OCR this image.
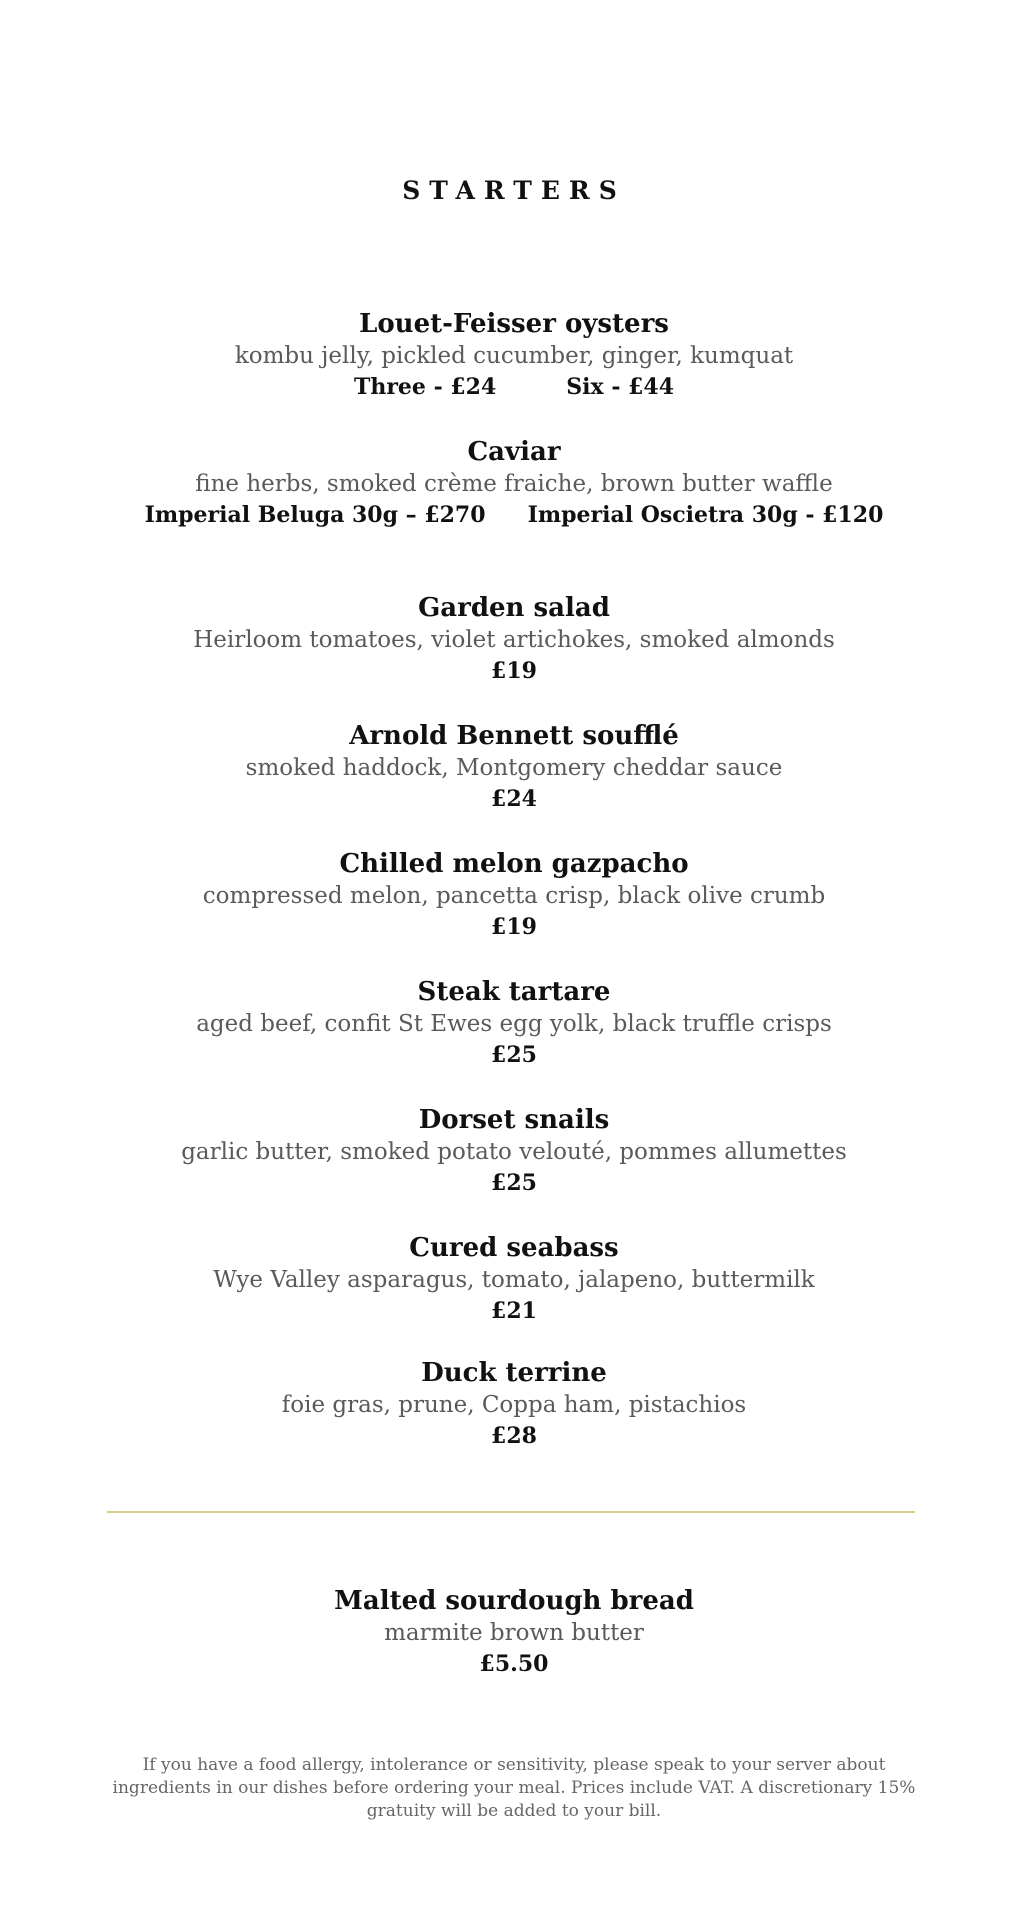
STARTERS
Louet-Feisser oysters
kombu jelly, pickled cucumber, ginger, kumquat
Three - £24	Six - £44
Caviar
fine herbs, smoked crème fraiche, brown butter waffle
Imperial Beluga 30g – £270 Imperial Oscietra 30g - £120
Garden salad
Heirloom tomatoes, violet artichokes, smoked almonds
£19
Arnold Bennett soufflé
smoked haddock, Montgomery cheddar sauce
£24
Chilled melon gazpacho
compressed melon, pancetta crisp, black olive crumb
£19
Steak tartare
aged beef, confit St Ewes egg yolk, black truffle crisps
£25
Dorset snails
garlic butter, smoked potato velouté, pommes allumettes
£25
Cured seabass
Wye Valley asparagus, tomato, jalapeno, buttermilk
£21
Duck terrine
foie gras, prune, Coppa ham, pistachios
£28
Malted sourdough bread
marmite brown butter
£5.50
If you have a food allergy, intolerance or sensitivity, please speak to your server about
ingredients in our dishes before ordering your meal. Prices include VAT. A discretionary 15%
gratuity will be added to your bill.
